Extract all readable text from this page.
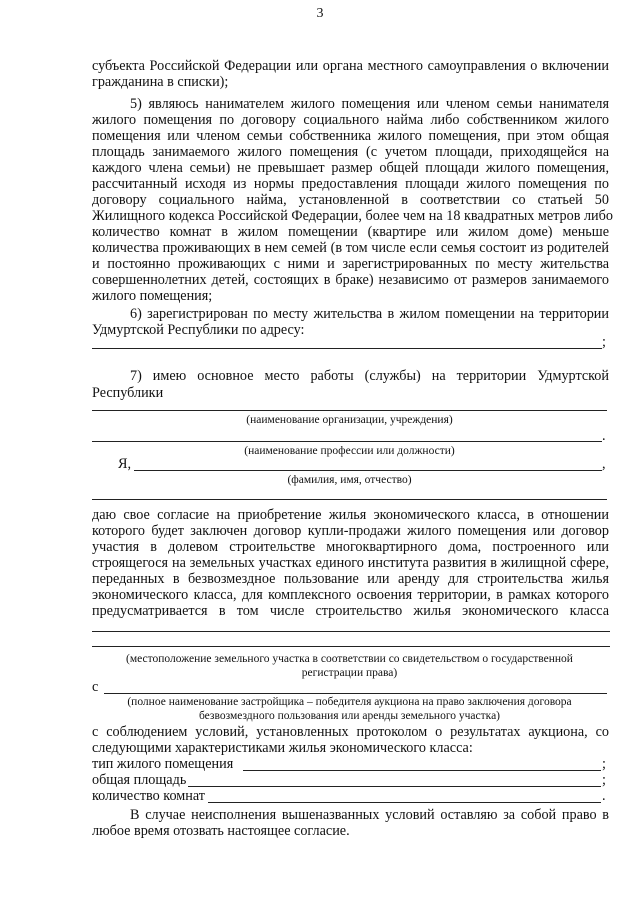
3
субъекта Российской Федерации или органа местного самоуправления о включении
гражданина в списки);
5) являюсь нанимателем жилого помещения или членом семьи нанимателя
жилого помещения по договору социального найма либо собственником жилого
помещения или членом семьи собственника жилого помещения, при этом общая
площадь занимаемого жилого помещения (с учетом площади, приходящейся на
каждого члена семьи) не превышает размер общей площади жилого помещения,
рассчитанный исходя из нормы предоставления площади жилого помещения по
договору социального найма, установленной в соответствии со статьей 50
Жилищного кодекса Российской Федерации, более чем на 18 квадратных метров либо
количество комнат в жилом помещении (квартире или жилом доме) меньше
количества проживающих в нем семей (в том числе если семья состоит из родителей
и постоянно проживающих с ними и зарегистрированных по месту жительства
совершеннолетних детей, состоящих в браке) независимо от размеров занимаемого
жилого помещения;
6) зарегистрирован по месту жительства в жилом помещении на территории
Удмуртской Республики по адресу:
;
7) имею основное место работы (службы) на территории Удмуртской
Республики
(наименование организации, учреждения)
.
(наименование профессии или должности)
Я,	,
(фамилия, имя, отчество)
даю свое согласие на приобретение жилья экономического класса, в отношении
которого будет заключен договор купли-продажи жилого помещения или договор
участия в долевом строительстве многоквартирного дома, построенного или
строящегося на земельных участках единого института развития в жилищной сфере,
переданных в безвозмездное пользование или аренду для строительства жилья
экономического класса, для комплексного освоения территории, в рамках которого
предусматривается в том числе строительство жилья экономического класса
(местоположение земельного участка в соответствии со свидетельством о государственной
регистрации права)
с
(полное наименование застройщика – победителя аукциона на право заключения договора
безвозмездного пользования или аренды земельного участка)
с соблюдением условий, установленных протоколом о результатах аукциона, со
следующими характеристиками жилья экономического класса:
тип жилого помещения	;
общая площадь	;
количество комнат	.
В случае неисполнения вышеназванных условий оставляю за собой право в
любое время отозвать настоящее согласие.
